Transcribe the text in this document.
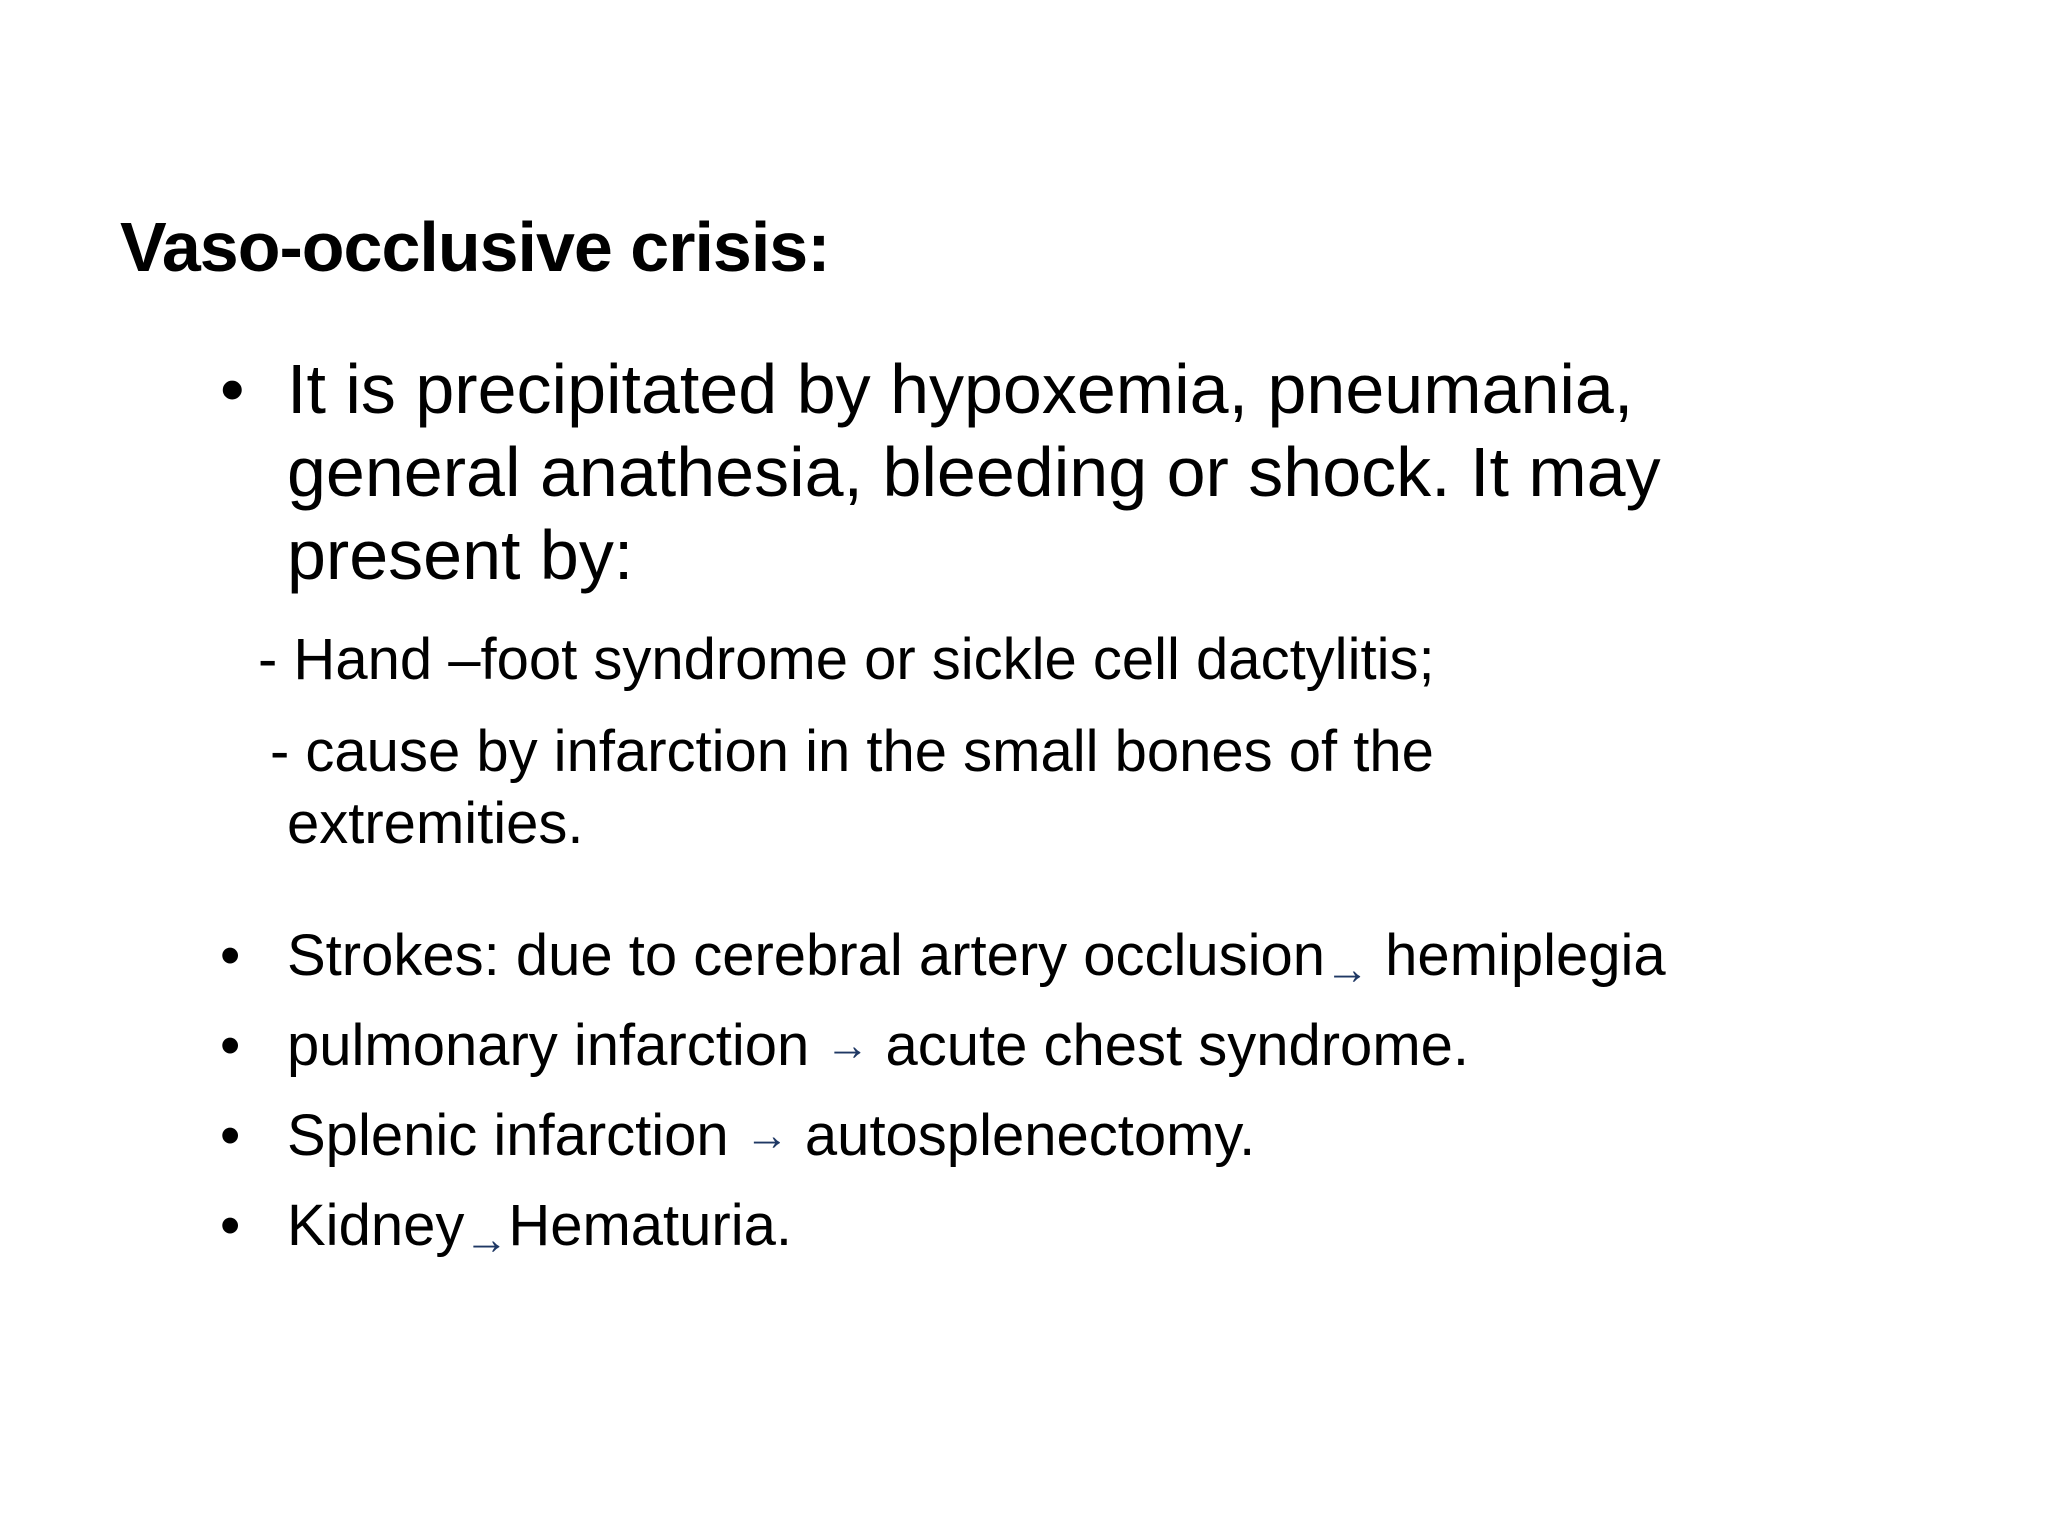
Vaso-occlusive crisis:
• It is precipitated by hypoxemia, pneumania,
general anathesia, bleeding or shock. It may
present by:
- Hand –foot syndrome or sickle cell dactylitis;
- cause by infarction in the small bones of the
extremities.
• Strokes: due to cerebral artery occlusion→ hemiplegia
• pulmonary infarction → acute chest syndrome.
• Splenic infarction → autosplenectomy.
• Kidney→Hematuria.
